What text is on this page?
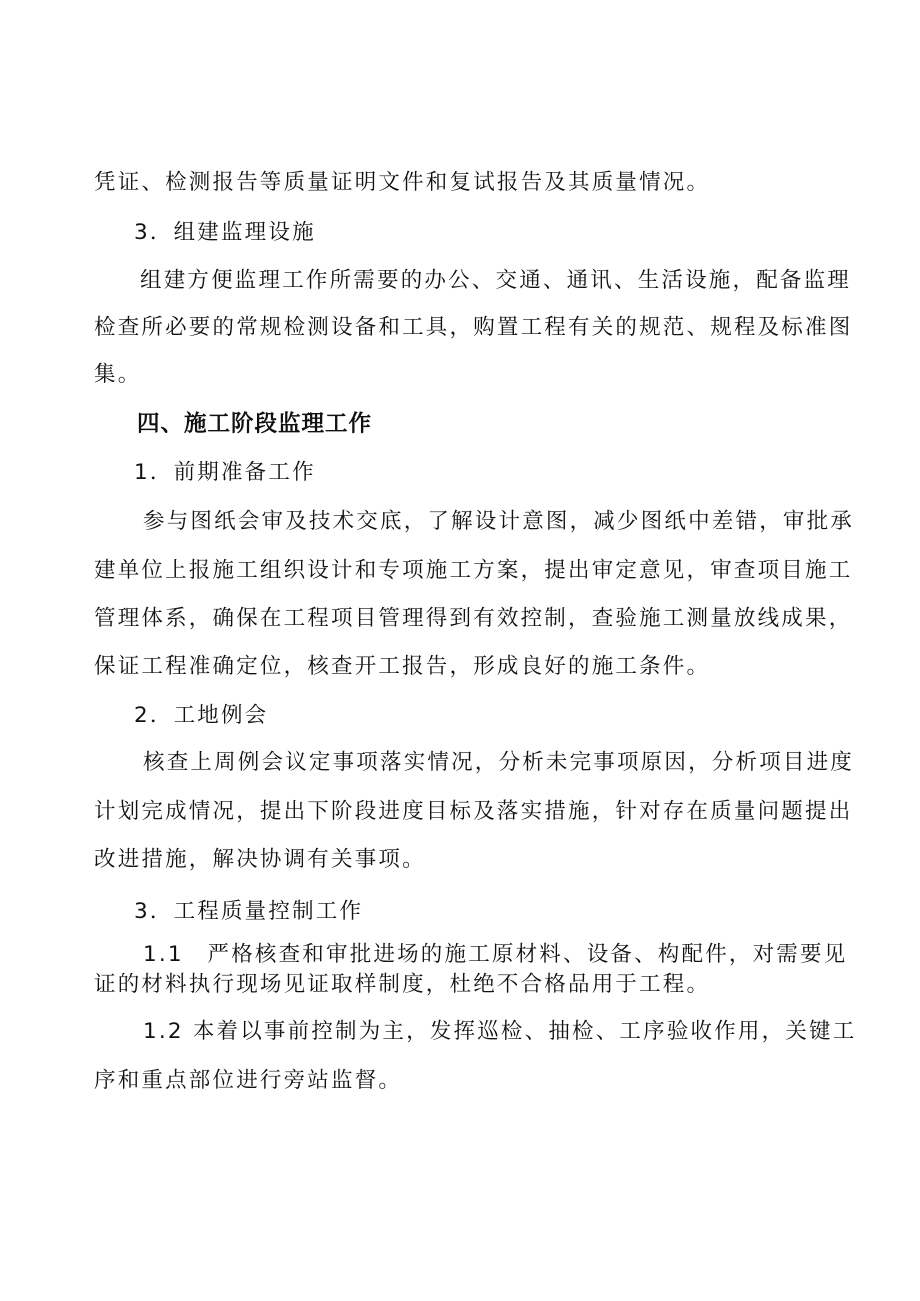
凭证、检测报告等质量证明文件和复试报告及其质量情况。
3．组建监理设施
组建方便监理工作所需要的办公、交通、通讯、生活设施，配备监理
检查所必要的常规检测设备和工具，购置工程有关的规范、规程及标准图
集。
四、施工阶段监理工作
1．前期准备工作
参与图纸会审及技术交底，了解设计意图，减少图纸中差错，审批承
建单位上报施工组织设计和专项施工方案，提出审定意见，审查项目施工
管理体系，确保在工程项目管理得到有效控制，查验施工测量放线成果，
保证工程准确定位，核查开工报告，形成良好的施工条件。
2．工地例会
核查上周例会议定事项落实情况，分析未完事项原因，分析项目进度
计划完成情况，提出下阶段进度目标及落实措施，针对存在质量问题提出
改进措施，解决协调有关事项。
3．工程质量控制工作
1.1　严格核查和审批进场的施工原材料、设备、构配件，对需要见
证的材料执行现场见证取样制度，杜绝不合格品用于工程。
1.2 本着以事前控制为主，发挥巡检、抽检、工序验收作用，关键工
序和重点部位进行旁站监督。
